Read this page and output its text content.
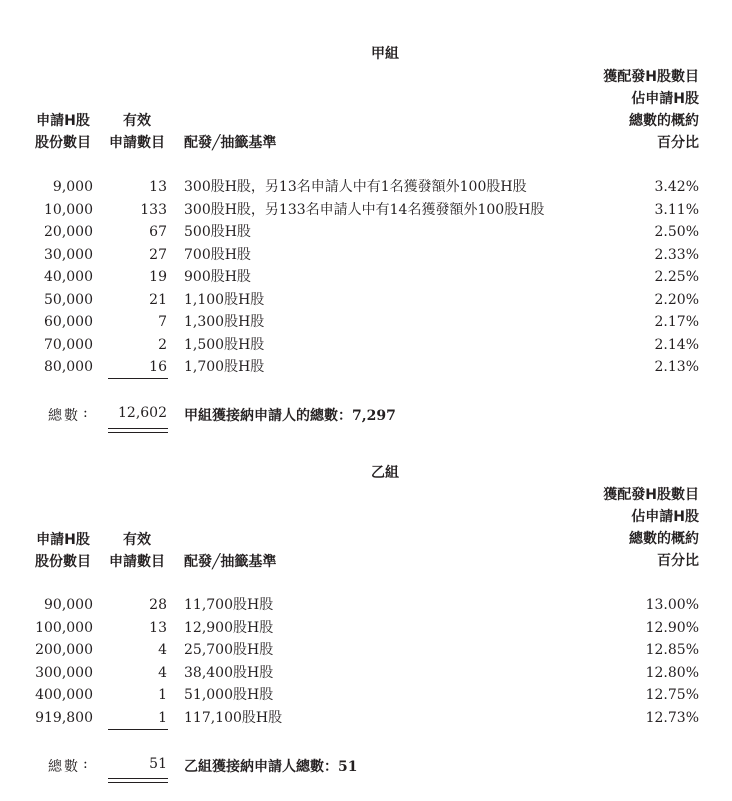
甲組
獲配發H股數目
佔申請H股
總數的概約
百分比
申請H股
股份數目
有效
申請數目 配發╱抽籤基準
9,000	13 300股H股，另13名申請人中有1名獲發額外100股H股	3.42%
10,000	133 300股H股，另133名申請人中有14名獲發額外100股H股	3.11%
20,000	67 500股H股	2.50%
30,000	27 700股H股	2.33%
40,000	19 900股H股	2.25%
50,000	21 1,100股H股	2.20%
60,000	7 1,300股H股	2.17%
70,000	2 1,500股H股	2.14%
80,000	16 1,700股H股	2.13%
總數 : 12,602 甲組獲接納申請人的總數：7,297
乙組
獲配發H股數目
佔申請H股
總數的概約
百分比
申請H股
股份數目
有效
申請數目 配發╱抽籤基準
90,000	28 11,700股H股	13.00%
100,000	13 12,900股H股	12.90%
200,000	4 25,700股H股	12.85%
300,000	4 38,400股H股	12.80%
400,000	1 51,000股H股	12.75%
919,800	1 117,100股H股	12.73%
總數 :	51 乙組獲接納申請人總數：51
